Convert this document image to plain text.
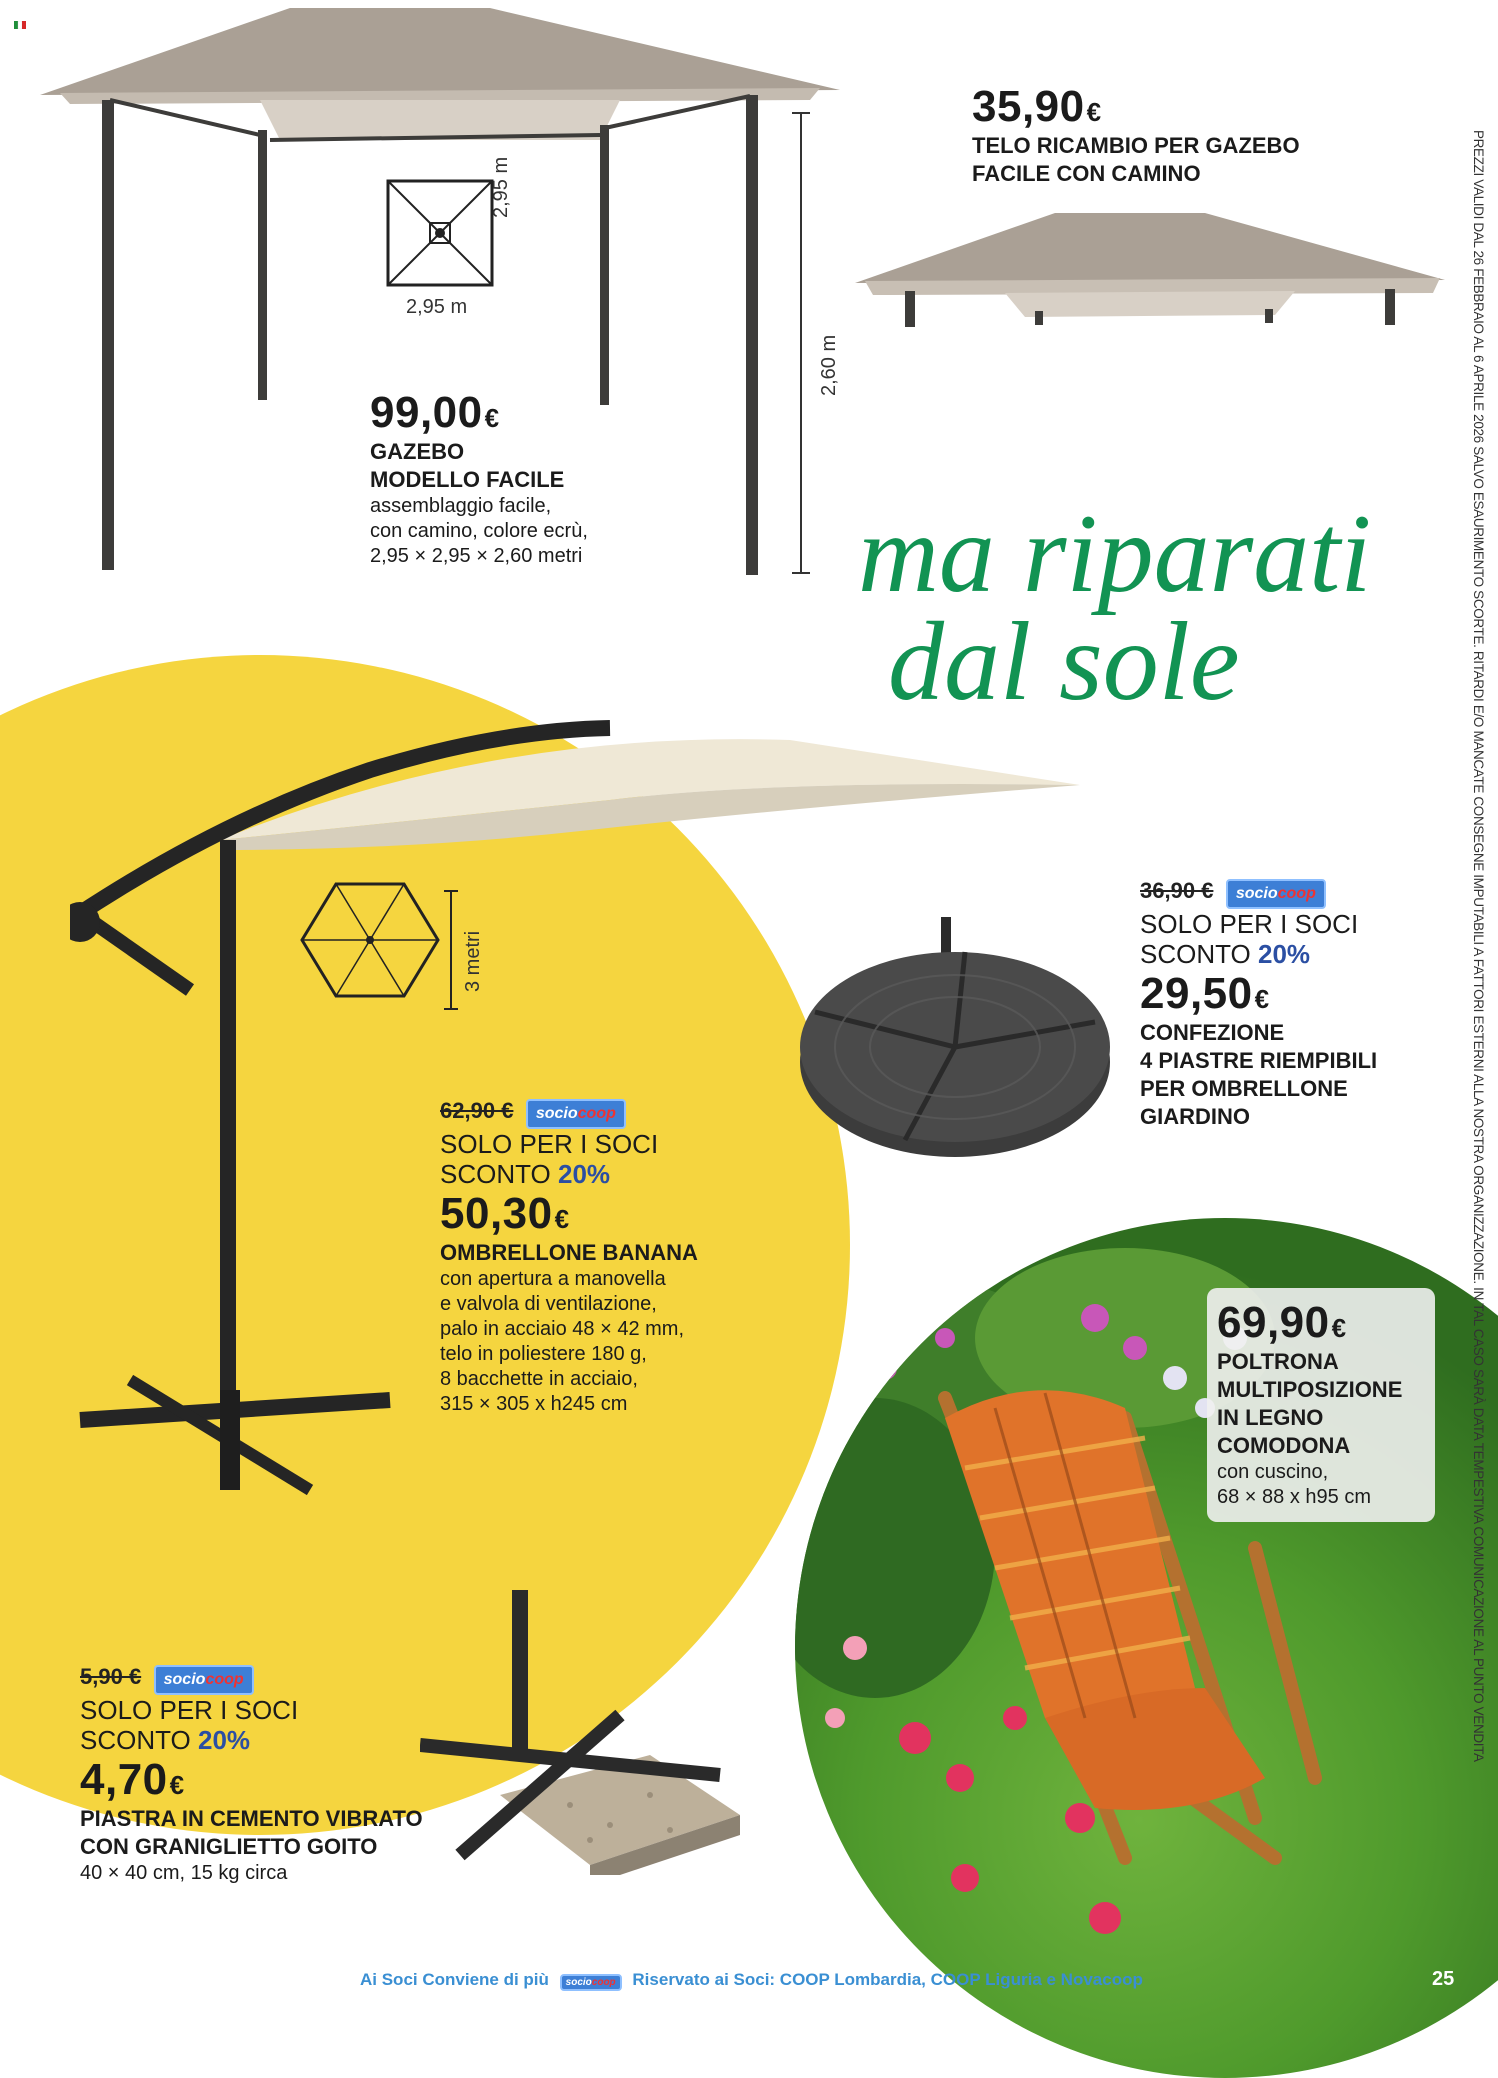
2,95 m
2,95 m
2,60 m
99,00€
GAZEBO
MODELLO FACILE
assemblaggio facile,
con camino, colore ecrù,
2,95 × 2,95 × 2,60 metri
35,90€
TELO RICAMBIO PER GAZEBO
FACILE CON CAMINO
ma riparati
dal sole	PREZZI VALIDI DAL 26 FEBBRAIO AL 6 APRILE 2026 SALVO ESAURIMENTO SCORTE. RITARDI E/O MANCATE CONSEGNE IMPUTABILI A FATTORI ESTERNI ALLA NOSTRA ORGANIZZAZIONE. IN TAL CASO SARÀ DATA TEMPESTIVA COMUNICAZIONE AL PUNTO VENDITA
3 metri
62,90 € sociocoop
SOLO PER I SOCI
SCONTO 20%
50,30€
OMBRELLONE BANANA
con apertura a manovella
e valvola di ventilazione,
palo in acciaio 48 × 42 mm,
telo in poliestere 180 g,
8 bacchette in acciaio,
315 × 305 x h245 cm
36,90 € sociocoop
SOLO PER I SOCI
SCONTO 20%
29,50€
CONFEZIONE
4 PIASTRE RIEMPIBILI
PER OMBRELLONE
GIARDINO
69,90€
POLTRONA
MULTIPOSIZIONE
IN LEGNO
COMODONA
con cuscino,
68 × 88 x h95 cm
5,90 € sociocoop
SOLO PER I SOCI
SCONTO 20%
4,70€
PIASTRA IN CEMENTO VIBRATO
CON GRANIGLIETTO GOITO
40 × 40 cm, 15 kg circa
Ai Soci Conviene di più sociocoop Riservato ai Soci: COOP Lombardia, COOP Liguria e Novacoop	25
